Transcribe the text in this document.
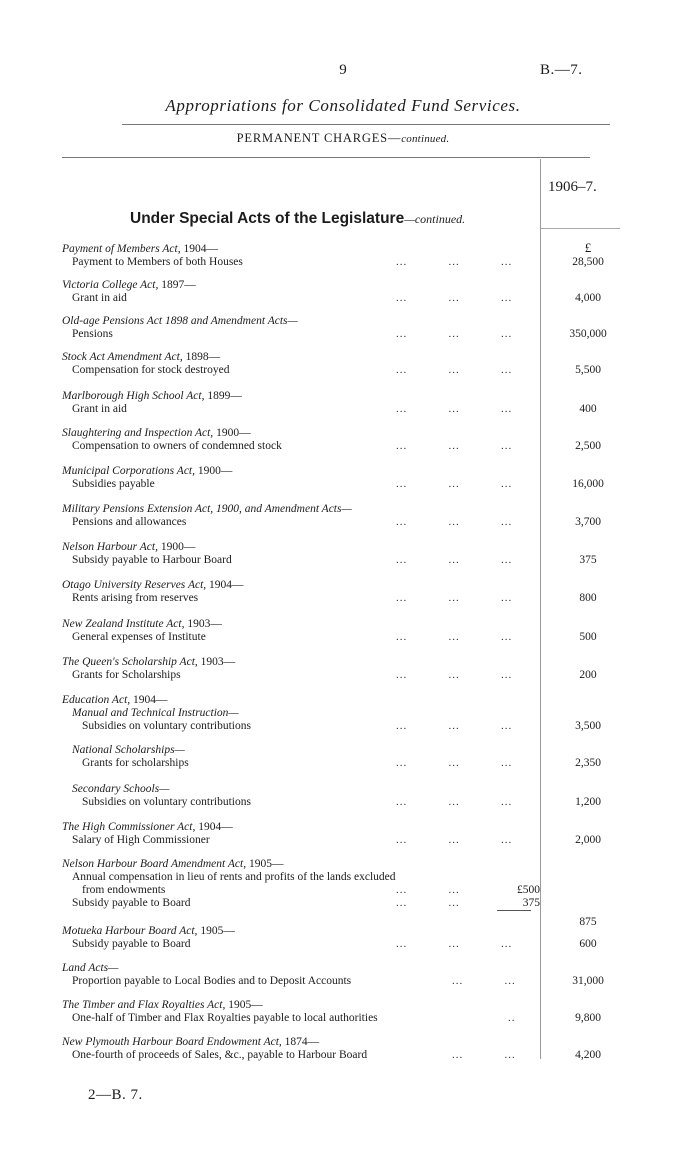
9	B.—7.
Appropriations for Consolidated Fund Services.
PERMANENT CHARGES—continued.
1906–7.
Under Special Acts of the Legislature—continued.
£
Payment of Members Act, 1904—
Payment to Members of both Houses	...           ...           ...	28,500
Victoria College Act, 1897—
Grant in aid	...           ...           ...	4,000
Old-age Pensions Act 1898 and Amendment Acts—
Pensions	...           ...           ...	350,000
Stock Act Amendment Act, 1898—
Compensation for stock destroyed	...           ...           ...	5,500
Marlborough High School Act, 1899—
Grant in aid	...           ...           ...	400
Slaughtering and Inspection Act, 1900—
Compensation to owners of condemned stock	...           ...           ...	2,500
Municipal Corporations Act, 1900—
Subsidies payable	...           ...           ...	16,000
Military Pensions Extension Act, 1900, and Amendment Acts—
Pensions and allowances	...           ...           ...	3,700
Nelson Harbour Act, 1900—
Subsidy payable to Harbour Board	...           ...           ...	375
Otago University Reserves Act, 1904—
Rents arising from reserves	...           ...           ...	800
New Zealand Institute Act, 1903—
General expenses of Institute	...           ...           ...	500
The Queen's Scholarship Act, 1903—
Grants for Scholarships	...           ...           ...	200
Education Act, 1904—
Manual and Technical Instruction—
Subsidies on voluntary contributions	...           ...           ...	3,500
National Scholarships—
Grants for scholarships	...           ...           ...	2,350
Secondary Schools—
Subsidies on voluntary contributions	...           ...           ...	1,200
The High Commissioner Act, 1904—
Salary of High Commissioner	...           ...           ...	2,000
Nelson Harbour Board Amendment Act, 1905—
Annual compensation in lieu of rents and profits of the lands excluded
from endowments	...           ...	£500
Subsidy payable to Board	...           ...	375
875
Motueka Harbour Board Act, 1905—
Subsidy payable to Board	...           ...           ...	600
Land Acts—
Proportion payable to Local Bodies and to Deposit Accounts	...           ...	31,000
The Timber and Flax Royalties Act, 1905—
One-half of Timber and Flax Royalties payable to local authorities	..	9,800
New Plymouth Harbour Board Endowment Act, 1874—
One-fourth of proceeds of Sales, &c., payable to Harbour Board	...           ...	4,200
2—B. 7.
